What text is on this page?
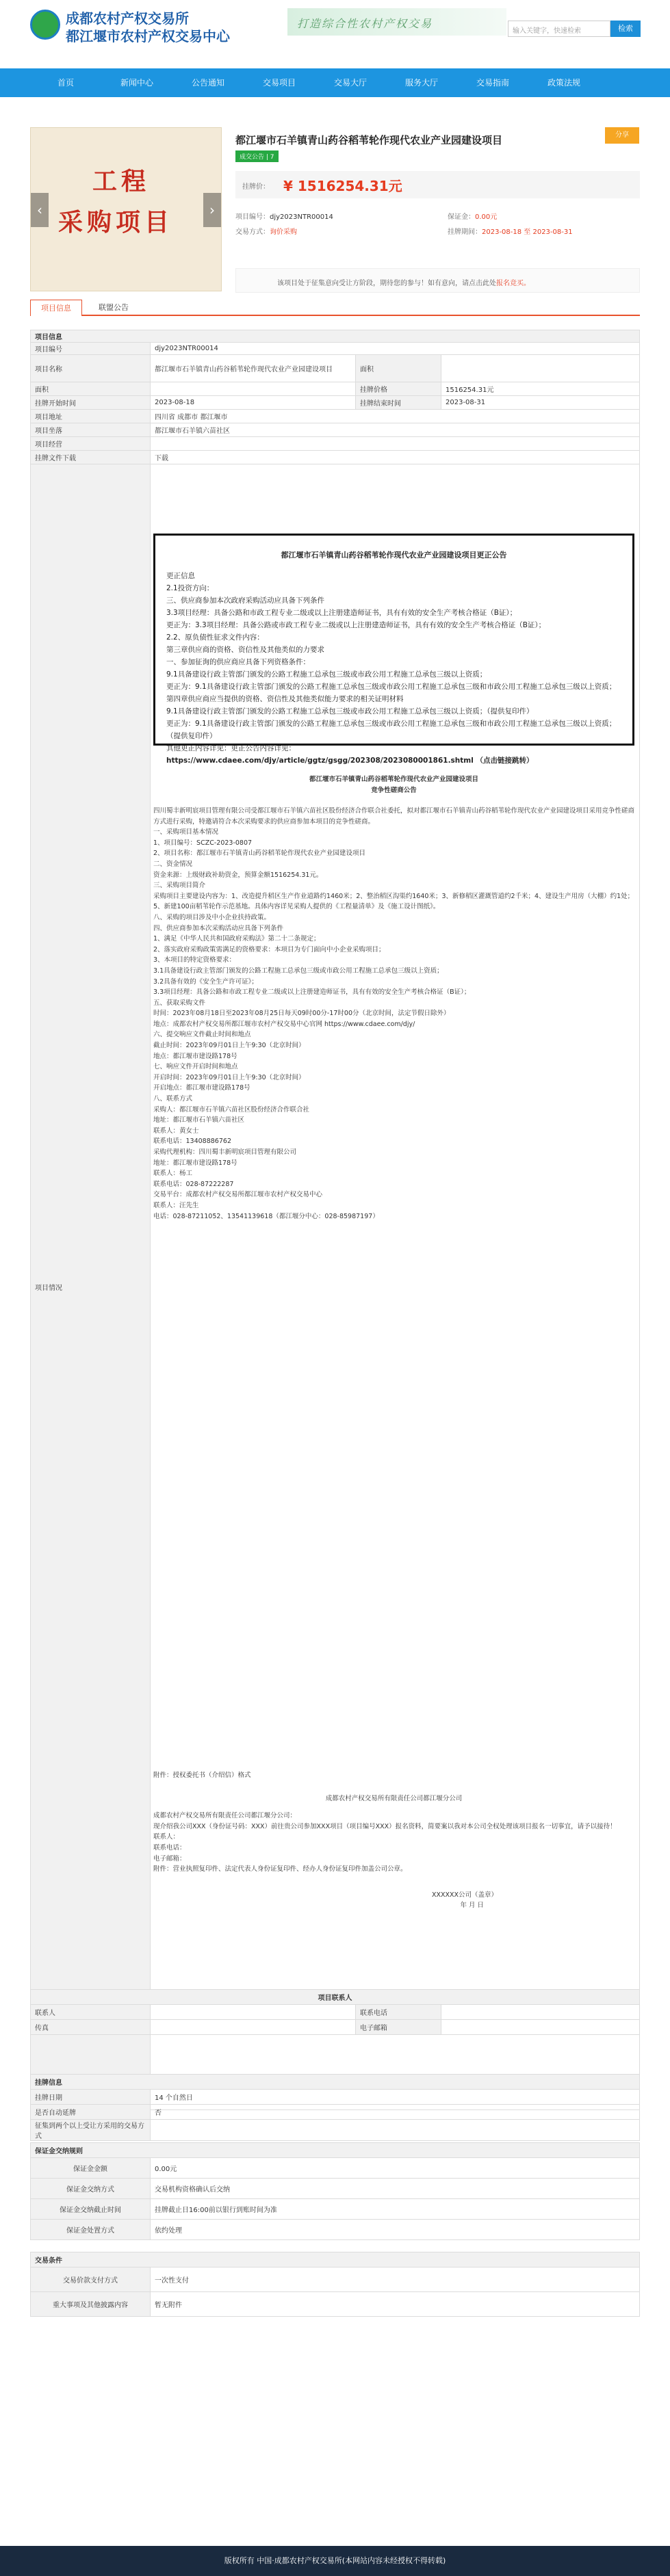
成都农村产权交易所
都江堰市农村产权交易中心
打造综合性农村产权交易
输入关键字，快速检索	检索
首页	新闻中心	公告通知	交易项目	交易大厅	服务大厅	交易指南	政策法规
工程
采购项目
‹	›
都江堰市石羊镇青山药谷稻苇轮作现代农业产业园建设项目
成交公告 | 7
分享
挂牌价： ¥ 1516254.31元
项目编号：djy2023NTR00014	保证金：0.00元
交易方式：询价采购	挂牌期间：2023-08-18 至 2023-08-31
该项目处于征集意向受让方阶段，期待您的参与！如有意向，请点击此处报名竞买。
项目信息	联盟公告
项目信息			
项目编号	djy2023NTR00014		
项目名称	都江堰市石羊镇青山药谷稻苇轮作现代农业产业园建设项目	面积	
面积		挂牌价格	1516254.31元
挂牌开始时间	2023-08-18	挂牌结束时间	2023-08-31
项目地址	四川省 成都市 都江堰市		
项目坐落	都江堰市石羊镇六苗社区		
项目经营			
挂牌文件下载	下载		
项目情况			
都江堰市石羊镇青山药谷稻苇轮作现代农业产业园建设项目更正公告

更正信息

2.1投资方向：

三、供应商参加本次政府采购活动应具备下列条件

3.3项目经理：具备公路和市政工程专业二级或以上注册建造师证书，具有有效的安全生产考核合格证（B证）；

更正为：3.3项目经理：具备公路或市政工程专业二级或以上注册建造师证书，具有有效的安全生产考核合格证（B证）；

2.2、原负债性征求文件内容：

第三章供应商的资格、资信性及其他类似的力要求

一、参加征询的供应商应具备下列资格条件：

9.1具备建设行政主管部门颁发的公路工程施工总承包三级或市政公用工程施工总承包三级以上资质；

更正为：9.1具备建设行政主管部门颁发的公路工程施工总承包三级或市政公用工程施工总承包三级和市政公用工程施工总承包三级以上资质；

第四章供应商应当提供的资格、资信性及其他类似能力要求的相关证明材料

9.1具备建设行政主管部门颁发的公路工程施工总承包三级或市政公用工程施工总承包三级以上资质；（提供复印件）

更正为：9.1具备建设行政主管部门颁发的公路工程施工总承包三级或市政公用工程施工总承包三级和市政公用工程施工总承包三级以上资质；（提供复印件）

其他更正内容详见：更正公告内容详见：

https://www.cdaee.com/djy/article/ggtz/gsgg/202308/2023080001861.shtml （点击链接跳转）

都江堰市石羊镇青山药谷稻苇轮作现代农业产业园建设项目
竞争性磋商公告

四川蜀丰新明宸项目管理有限公司受都江堰市石羊镇六苗社区股份经济合作联合社委托，拟对都江堰市石羊镇青山药谷稻苇轮作现代农业产业园建设项目采用竞争性磋商方式进行采购，特邀请符合本次采购要求的供应商参加本项目的竞争性磋商。

一、采购项目基本情况

1、项目编号：SCZC-2023-0807

2、项目名称：都江堰市石羊镇青山药谷稻苇轮作现代农业产业园建设项目

二、资金情况

资金来源：上级财政补助资金，预算金额1516254.31元。

三、采购项目简介

采购项目主要建设内容为：1、改造提升稻区生产作业道路约1460米；2、整治稻区沟渠约1640米；3、新修稻区灌溉管道约2千米；4、建设生产用房（大棚）约1处；5、新建100亩稻苇轮作示范基地。具体内容详见采购人提供的《工程量清单》及《施工设计图纸》。

八、采购的项目涉及中小企业扶持政策。

四、供应商参加本次采购活动应具备下列条件

1、满足《中华人民共和国政府采购法》第二十二条规定；

2、落实政府采购政策需满足的资格要求：本项目为专门面向中小企业采购项目；

3、本项目的特定资格要求：

3.1具备建设行政主管部门颁发的公路工程施工总承包三级或市政公用工程施工总承包三级以上资质；

3.2具备有效的《安全生产许可证》；

3.3项目经理：具备公路和市政工程专业二级或以上注册建造师证书，具有有效的安全生产考核合格证（B证）；

五、获取采购文件

时间：2023年08月18日至2023年08月25日每天09时00分-17时00分（北京时间，法定节假日除外）

地点：成都农村产权交易所都江堰市农村产权交易中心官网 https://www.cdaee.com/djy/

六、提交响应文件截止时间和地点

截止时间：2023年09月01日上午9:30（北京时间）

地点：都江堰市建设路178号

七、响应文件开启时间和地点

开启时间：2023年09月01日上午9:30（北京时间）

开启地点：都江堰市建设路178号

八、联系方式

采购人：都江堰市石羊镇六苗社区股份经济合作联合社

地址：都江堰市石羊镇六苗社区

联系人：黄女士

联系电话：13408886762

采购代理机构：四川蜀丰新明宸项目管理有限公司

地址：都江堰市建设路178号

联系人：杨工

联系电话：028-87222287

交易平台：成都农村产权交易所都江堰市农村产权交易中心

联系人：汪先生

电话：028-87211052、13541139618（都江堰分中心：028-85987197）

附件：授权委托书（介绍信）格式
成都农村产权交易所有限责任公司都江堰分公司

成都农村产权交易所有限责任公司都江堰分公司：

现介绍我公司XXX（身份证号码：XXX）前往贵公司参加XXX项目（项目编号XXX）报名资料，简要案以我对本公司全权处理该项目报名一切事宜，请予以接待！

联系人：

联系电话：

电子邮箱：

附件：营业执照复印件、法定代表人身份证复印件、经办人身份证复印件加盖公司公章。

XXXXXX公司（盖章）
年 月 日
项目联系人			
联系人		联系电话	
传真		电子邮箱	
挂牌信息	
挂牌日期	14 个自然日
是否自动延牌	否
征集到两个以上受让方采用的交易方式	
保证金交纳规则	
保证金金额	0.00元
保证金交纳方式	交易机构资格确认后交纳
保证金交纳截止时间	挂牌截止日16:00前以银行到账时间为准
保证金处置方式	依约处理
交易条件	
交易价款支付方式	一次性支付
重大事项及其他披露内容	暂无附件
版权所有 中国·成都农村产权交易所(本网站内容未经授权不得转载)
